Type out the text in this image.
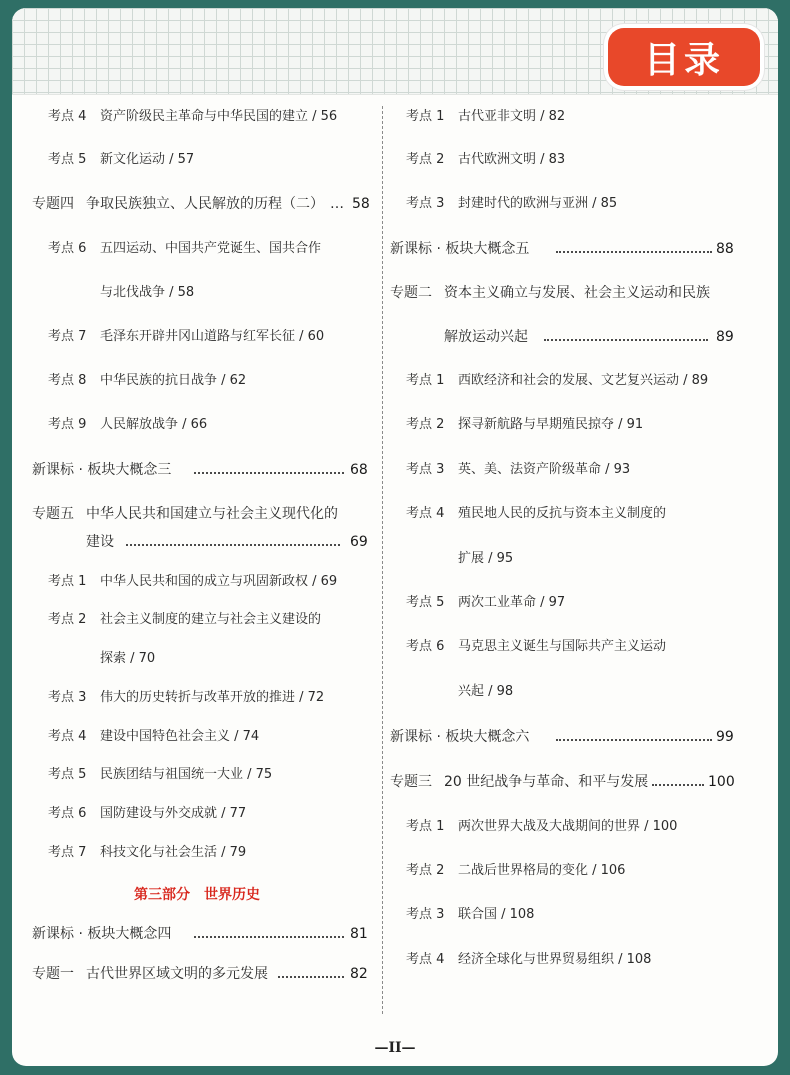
目录
考点 4 资产阶级民主革命与中华民国的建立 / 56
考点 5 新文化运动 / 57
专题四 争取民族独立、人民解放的历程（二） … 58
考点 6 五四运动、中国共产党诞生、国共合作
与北伐战争 / 58
考点 7 毛泽东开辟井冈山道路与红军长征 / 60
考点 8 中华民族的抗日战争 / 62
考点 9 人民解放战争 / 66
新课标 · 板块大概念三	68
专题五 中华人民共和国建立与社会主义现代化的
建设	69
考点 1 中华人民共和国的成立与巩固新政权 / 69
考点 2 社会主义制度的建立与社会主义建设的
探索 / 70
考点 3 伟大的历史转折与改革开放的推进 / 72
考点 4 建设中国特色社会主义 / 74
考点 5 民族团结与祖国统一大业 / 75
考点 6 国防建设与外交成就 / 77
考点 7 科技文化与社会生活 / 79
第三部分　世界历史
新课标 · 板块大概念四	81
专题一 古代世界区域文明的多元发展	82
考点 1 古代亚非文明 / 82
考点 2 古代欧洲文明 / 83
考点 3 封建时代的欧洲与亚洲 / 85
新课标 · 板块大概念五	88
专题二 资本主义确立与发展、社会主义运动和民族
解放运动兴起	89
考点 1 西欧经济和社会的发展、文艺复兴运动 / 89
考点 2 探寻新航路与早期殖民掠夺 / 91
考点 3 英、美、法资产阶级革命 / 93
考点 4 殖民地人民的反抗与资本主义制度的
扩展 / 95
考点 5 两次工业革命 / 97
考点 6 马克思主义诞生与国际共产主义运动
兴起 / 98
新课标 · 板块大概念六	99
专题三 20 世纪战争与革命、和平与发展	100
考点 1 两次世界大战及大战期间的世界 / 100
考点 2 二战后世界格局的变化 / 106
考点 3 联合国 / 108
考点 4 经济全球化与世界贸易组织 / 108
—II—
